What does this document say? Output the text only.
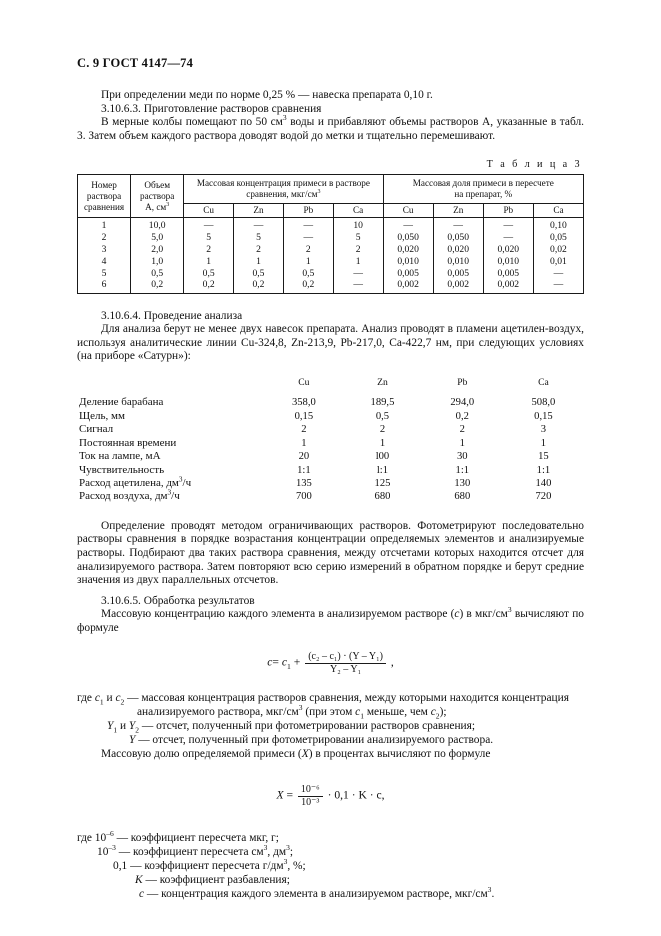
С. 9 ГОСТ 4147—74

При определении меди по норме 0,25 % — навеска препарата 0,10 г.

3.10.6.3. Приготовление растворов сравнения

В мерные колбы помещают по 50 $см^3$ воды и прибавляют объемы растворов А, указанные в табл. 3. Затем объем каждого раствора доводят водой до метки и тщательно перемешивают.

Т а б л и ц а 3
Номер
раствора
сравнения	Объем
раствора
А, $см^3$	Массовая концентрация примеси в растворе
сравнения, мкг/$см^3$				Массовая доля примеси в пересчете
на препарат, %			
		Cu	Zn	Pb	Ca	Cu	Zn	Pb	Ca
1	10,0	—	—	—	10	—	—	—	0,10
2	5,0	5	5	—	5	0,050	0,050	—	0,05
3	2,0	2	2	2	2	0,020	0,020	0,020	0,02
4	1,0	1	1	1	1	0,010	0,010	0,010	0,01
5	0,5	0,5	0,5	0,5	—	0,005	0,005	0,005	—
6	0,2	0,2	0,2	0,2	—	0,002	0,002	0,002	—

3.10.6.4. Проведение анализа

Для анализа берут не менее двух навесок препарата. Анализ проводят в пламени ацетилен-воздух, используя аналитические линии Cu-324,8, Zn-213,9, Pb-217,0, Ca-422,7 нм, при следующих условиях (на приборе «Сатурн»):

	Cu	Zn	Pb	Ca
Деление барабана	358,0	189,5	294,0	508,0
Щель, мм	0,15	0,5	0,2	0,15
Сигнал	2	2	2	3
Постоянная времени	1	1	1	1
Ток на лампе, мА	20	l00	30	15
Чувствительность	1:1	l:1	1:1	1:1
Расход ацетилена, $дм^3/ч$	135	125	130	140
Расход воздуха, $дм^3/ч$	700	680	680	720

Определение проводят методом ограничивающих растворов. Фотометрируют последовательно растворы сравнения в порядке возрастания концентрации определяемых элементов и анализируемые растворы. Подбирают два таких раствора сравнения, между отсчетами которых находится отсчет для анализируемого раствора. Затем повторяют всю серию измерений в обратном порядке и берут средние значения из двух параллельных отсчетов.

3.10.6.5. Обработка результатов

Массовую концентрацию каждого элемента в анализируемом растворе (с) в мкг/$см^3$ вычисляют по формуле

$c= c_1 + \frac{\text{(c₂ – c₁) · (Y – Y₁)}}{\text{Y₂ – Y₁}}$ ,
где $c_1$ и $c_2$ — массовая концентрация растворов сравнения, между которыми находится концентрация
анализируемого раствора, мкг/$см^3$ (при этом $c_1$ меньше, чем $c_2$);
$Y_1$ и $Y_2$ — отсчет, полученный при фотометрировании растворов сравнения;
Y — отсчет, полученный при фотометрировании анализируемого раствора.
Массовую долю определяемой примеси (X) в процентах вычисляют по формуле
$X = \frac{\text{10⁻⁶}}{\text{10⁻³}} \cdot 0,1 \cdot K \cdot c$,
где $10^{-6}$ — коэффициент пересчета мкг, г;
$10^{-3}$ — коэффициент пересчета $см^3$, $дм^3$;
0,1 — коэффициент пересчета $г/дм^3$, %;
K — коэффициент разбавления;
с — концентрация каждого элемента в анализируемом растворе, мкг/$см^3$.
